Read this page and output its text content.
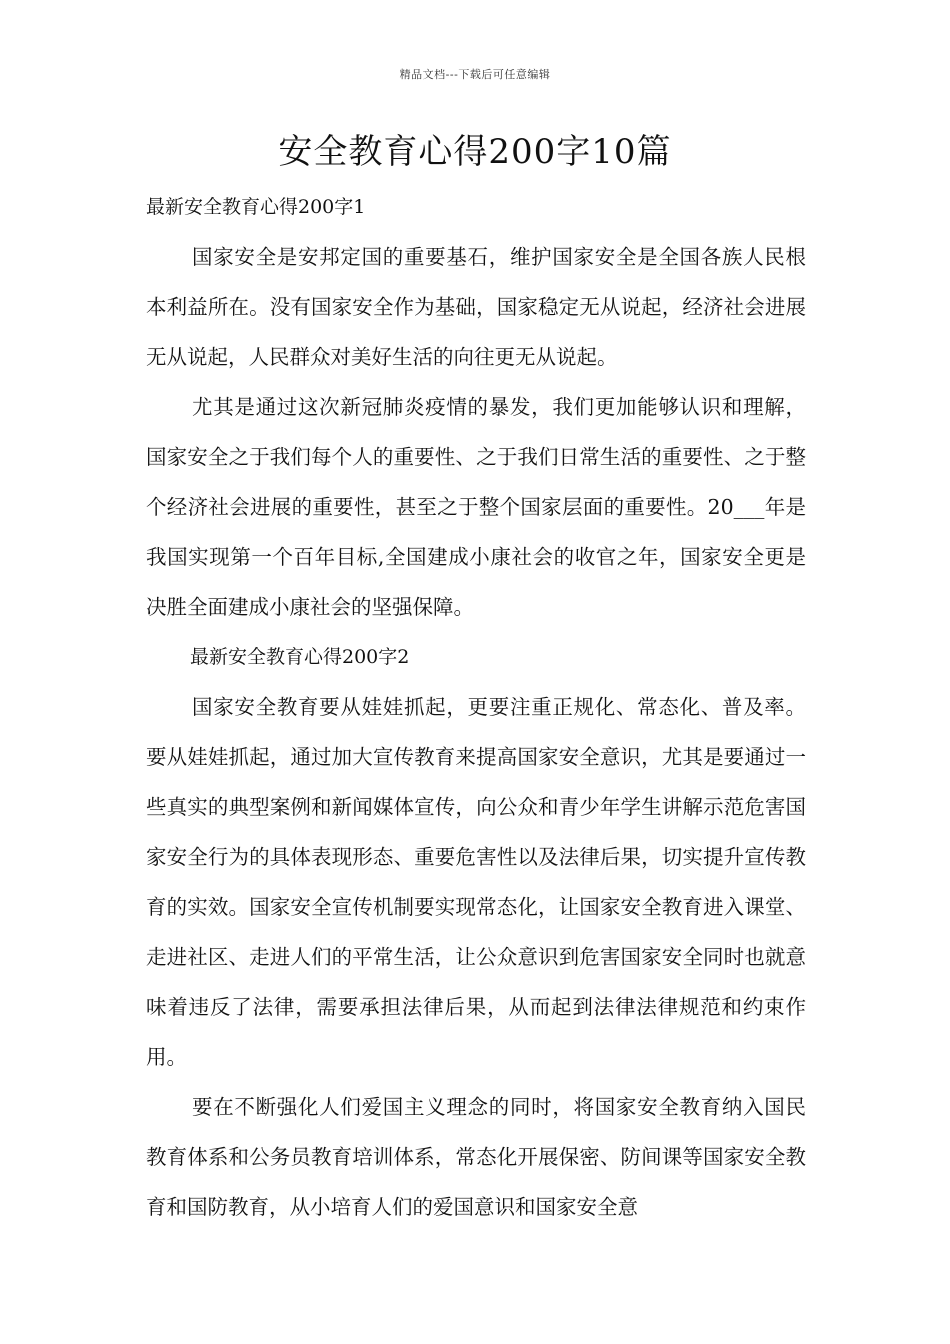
精品文档---下载后可任意编辑
安全教育心得200字10篇

最新安全教育心得200字1

国家安全是安邦定国的重要基石，维护国家安全是全国各族人民根本利益所在。没有国家安全作为基础，国家稳定无从说起，经济社会进展无从说起，人民群众对美好生活的向往更无从说起。

尤其是通过这次新冠肺炎疫情的暴发，我们更加能够认识和理解，国家安全之于我们每个人的重要性、之于我们日常生活的重要性、之于整个经济社会进展的重要性，甚至之于整个国家层面的重要性。20___年是我国实现第一个百年目标,全国建成小康社会的收官之年，国家安全更是决胜全面建成小康社会的坚强保障。

最新安全教育心得200字2

国家安全教育要从娃娃抓起，更要注重正规化、常态化、普及率。要从娃娃抓起，通过加大宣传教育来提高国家安全意识，尤其是要通过一些真实的典型案例和新闻媒体宣传，向公众和青少年学生讲解示范危害国家安全行为的具体表现形态、重要危害性以及法律后果，切实提升宣传教育的实效。国家安全宣传机制要实现常态化，让国家安全教育进入课堂、走进社区、走进人们的平常生活，让公众意识到危害国家安全同时也就意味着违反了法律，需要承担法律后果，从而起到法律法律规范和约束作用。

要在不断强化人们爱国主义理念的同时，将国家安全教育纳入国民教育体系和公务员教育培训体系，常态化开展保密、防间课等国家安全教育和国防教育，从小培育人们的爱国意识和国家安全意
